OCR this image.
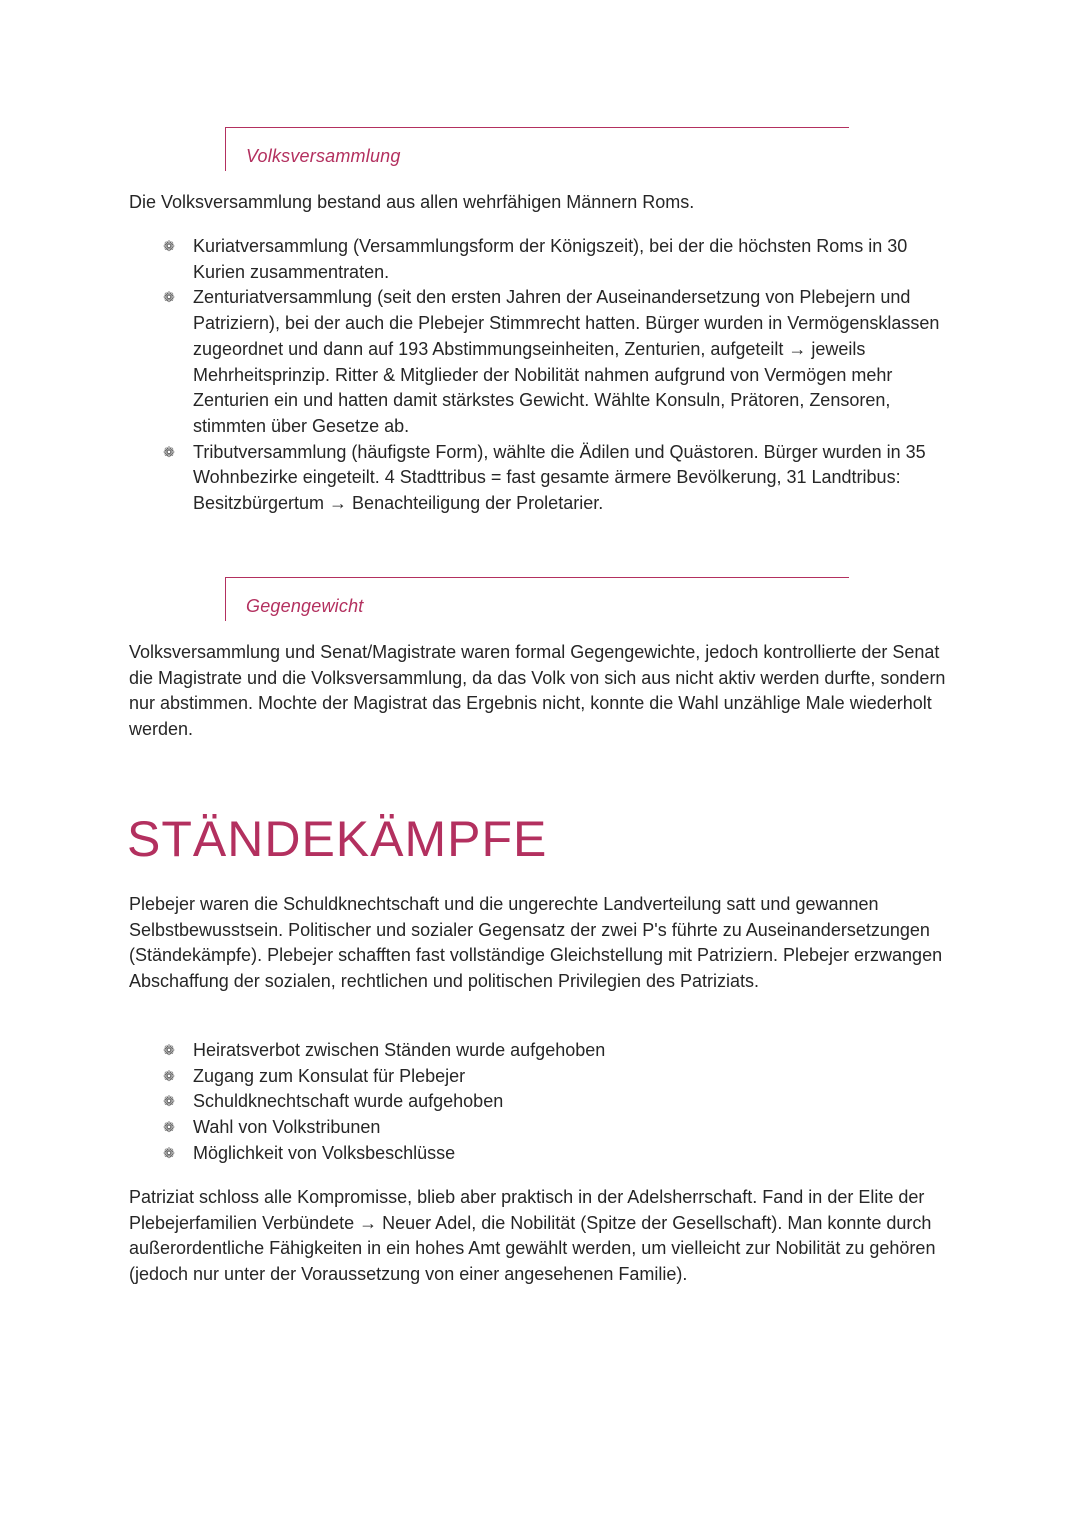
Volksversammlung

Die Volksversammlung bestand aus allen wehrfähigen Männern Roms.

❁ Kuriatversammlung (Versammlungsform der Königszeit), bei der die höchsten Roms in 30 Kurien zusammentraten.
❁ Zenturiatversammlung (seit den ersten Jahren der Auseinandersetzung von Plebejern und Patriziern), bei der auch die Plebejer Stimmrecht hatten. Bürger wurden in Vermögensklassen zugeordnet und dann auf 193 Abstimmungseinheiten, Zenturien, aufgeteilt → jeweils Mehrheitsprinzip. Ritter & Mitglieder der Nobilität nahmen aufgrund von Vermögen mehr Zenturien ein und hatten damit stärkstes Gewicht. Wählte Konsuln, Prätoren, Zensoren, stimmten über Gesetze ab.
❁ Tributversammlung (häufigste Form), wählte die Ädilen und Quästoren. Bürger wurden in 35 Wohnbezirke eingeteilt. 4 Stadttribus = fast gesamte ärmere Bevölkerung, 31 Landtribus: Besitzbürgertum → Benachteiligung der Proletarier.
Gegengewicht

Volksversammlung und Senat/Magistrate waren formal Gegengewichte, jedoch kontrollierte der Senat die Magistrate und die Volksversammlung, da das Volk von sich aus nicht aktiv werden durfte, sondern nur abstimmen. Mochte der Magistrat das Ergebnis nicht, konnte die Wahl unzählige Male wiederholt werden.

STÄNDEKÄMPFE

Plebejer waren die Schuldknechtschaft und die ungerechte Landverteilung satt und gewannen Selbstbewusstsein. Politischer und sozialer Gegensatz der zwei P's führte zu Auseinandersetzungen (Ständekämpfe). Plebejer schafften fast vollständige Gleichstellung mit Patriziern. Plebejer erzwangen Abschaffung der sozialen, rechtlichen und politischen Privilegien des Patriziats.

❁ Heiratsverbot zwischen Ständen wurde aufgehoben
❁ Zugang zum Konsulat für Plebejer
❁ Schuldknechtschaft wurde aufgehoben
❁ Wahl von Volkstribunen
❁ Möglichkeit von Volksbeschlüsse

Patriziat schloss alle Kompromisse, blieb aber praktisch in der Adelsherrschaft. Fand in der Elite der Plebejerfamilien Verbündete → Neuer Adel, die Nobilität (Spitze der Gesellschaft). Man konnte durch außerordentliche Fähigkeiten in ein hohes Amt gewählt werden, um vielleicht zur Nobilität zu gehören (jedoch nur unter der Voraussetzung von einer angesehenen Familie).
